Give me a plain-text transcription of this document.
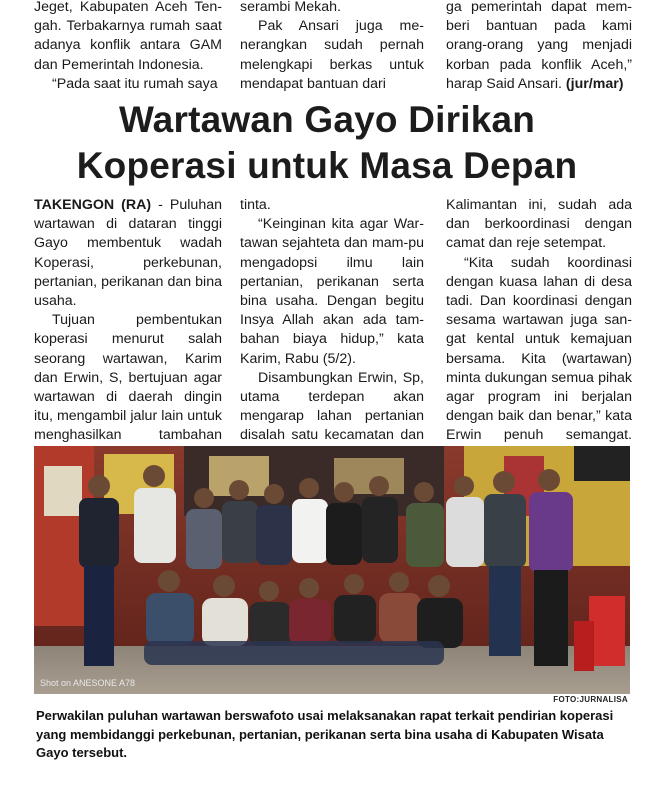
Jeget, Kabupaten Aceh Ten-gah. Terbakarnya rumah saat adanya konflik antara GAM dan Pemerintah Indonesia.

“Pada saat itu rumah saya

serambi Mekah.

Pak Ansari juga me-nerangkan sudah pernah melengkapi berkas untuk mendapat bantuan dari

ga pemerintah dapat mem-beri bantuan pada kami orang-orang yang menjadi korban pada konflik Aceh,” harap Said Ansari. (jur/mar)

Wartawan Gayo Dirikan
Koperasi untuk Masa Depan

TAKENGON (RA) - Puluhan wartawan di dataran tinggi Gayo membentuk wadah Koperasi, perkebunan, pertanian, perikanan dan bina usaha.

Tujuan pembentukan koperasi menurut salah seorang wartawan, Karim dan Erwin, S, bertujuan agar wartawan di daerah dingin itu, mengambil jalur lain untuk menghasilkan tambahan

tinta.

“Keinginan kita agar War-tawan sejahteta dan mam-pu mengadopsi ilmu lain pertanian, perikanan serta bina usaha. Dengan begitu Insya Allah akan ada tam-bahan biaya hidup,” kata Karim, Rabu (5/2).

Disambungkan Erwin, Sp, utama terdepan akan mengarap lahan pertanian disalah satu kecamatan dan

Kalimantan ini, sudah ada dan berkoordinasi dengan camat dan reje setempat.

“Kita sudah koordinasi dengan kuasa lahan di desa tadi. Dan koordinasi dengan sesama wartawan juga san-gat kental untuk kemajuan bersama. Kita (wartawan) minta dukungan semua pihak agar program ini berjalan dengan baik dan benar,” kata Erwin penuh semangat.

Shot on ANESONE A78
FOTO:JURNALISA
Perwakilan puluhan wartawan berswafoto usai melaksanakan rapat terkait pendirian koperasi yang membidanggi perkebunan, pertanian, perikanan serta bina usaha di Kabupaten Wisata Gayo tersebut.
